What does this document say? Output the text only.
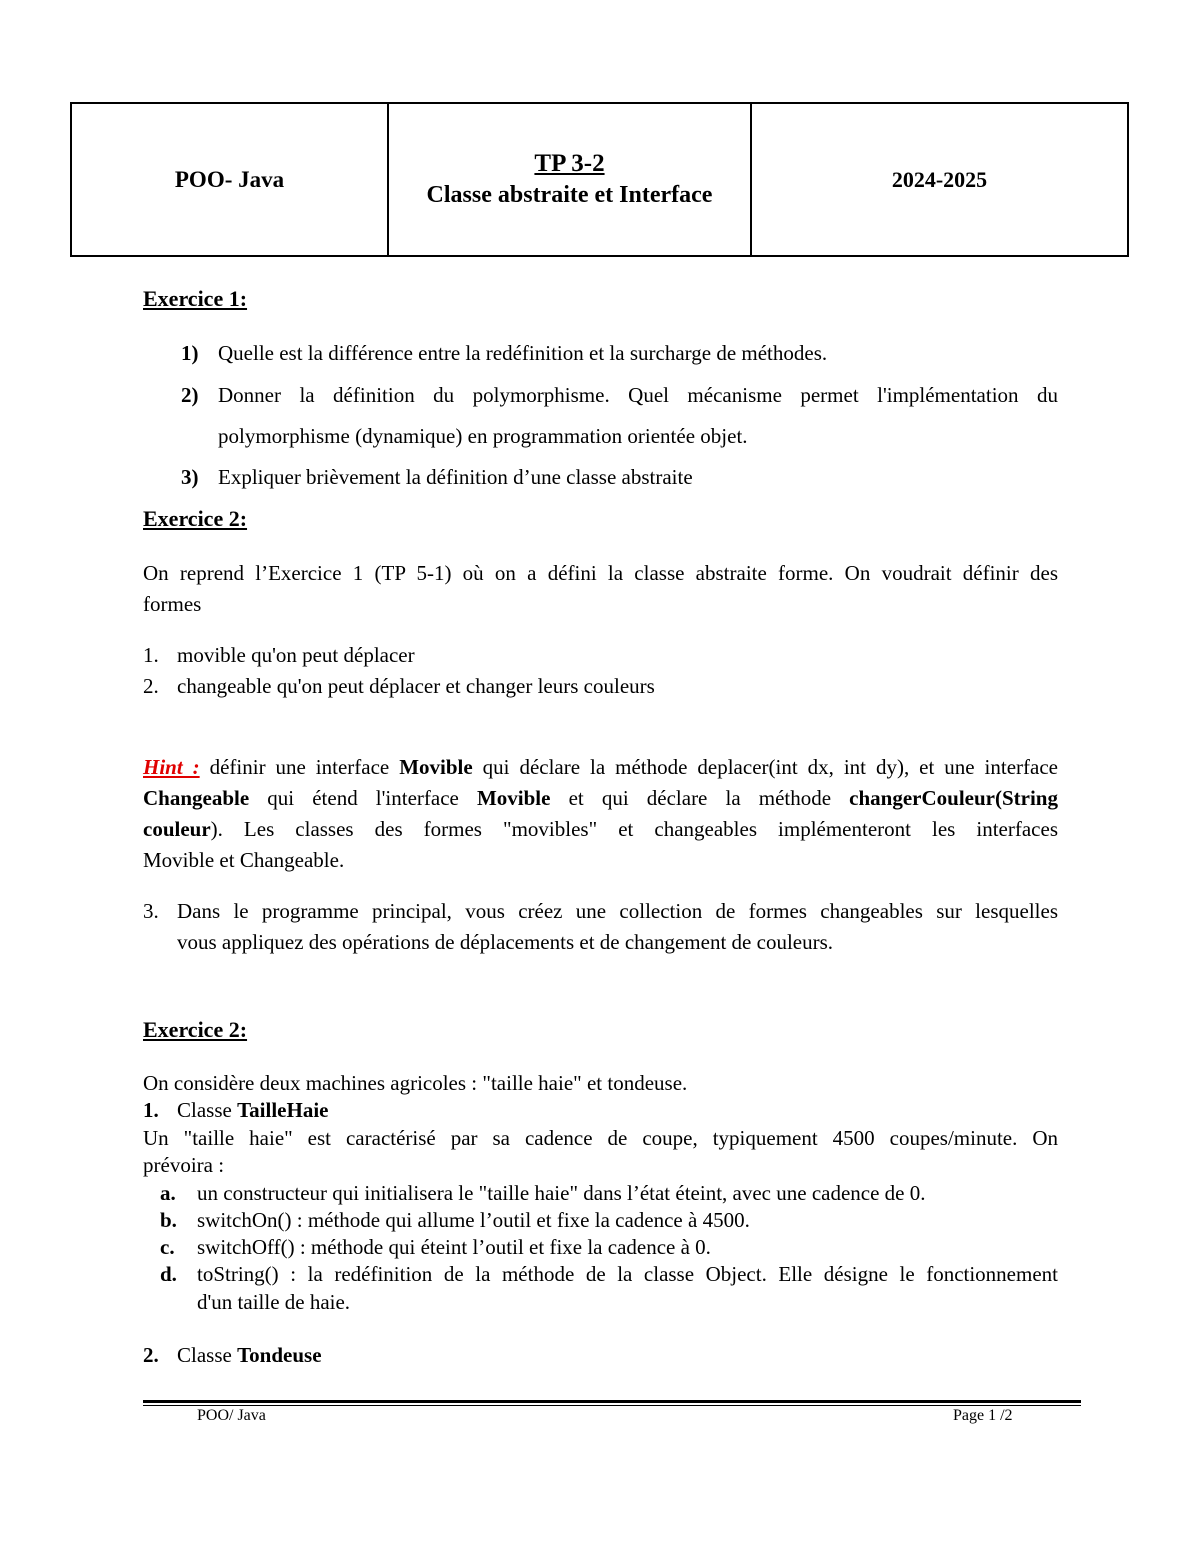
POO- Java
TP 3-2
Classe abstraite et Interface
2024-2025
Exercice 1:
1) Quelle est la différence entre la redéfinition et la surcharge de méthodes.
2) Donner la définition du polymorphisme. Quel mécanisme permet l'implémentation du
polymorphisme (dynamique) en programmation orientée objet.
3) Expliquer brièvement la définition d’une classe abstraite
Exercice 2:
On reprend l’Exercice 1 (TP 5-1) où on a défini la classe abstraite forme. On voudrait définir des
formes
1. movible qu'on peut déplacer
2. changeable qu'on peut déplacer et changer leurs couleurs
Hint : définir une interface Movible qui déclare la méthode deplacer(int dx, int dy), et une interface
Changeable qui étend l'interface Movible et qui déclare la méthode changerCouleur(String
couleur). Les classes des formes "movibles" et changeables implémenteront les interfaces
Movible et Changeable.
3. Dans le programme principal, vous créez une collection de formes changeables sur lesquelles
vous appliquez des opérations de déplacements et de changement de couleurs.
Exercice 2:
On considère deux machines agricoles : "taille haie" et tondeuse.
1. Classe TailleHaie
Un "taille haie" est caractérisé par sa cadence de coupe, typiquement 4500 coupes/minute. On
prévoira :
a. un constructeur qui initialisera le "taille haie" dans l’état éteint, avec une cadence de 0.
b. switchOn() : méthode qui allume l’outil et fixe la cadence à 4500.
c. switchOff() : méthode qui éteint l’outil et fixe la cadence à 0.
d. toString() : la redéfinition de la méthode de la classe Object. Elle désigne le fonctionnement
d'un taille de haie.
2. Classe Tondeuse
POO/ Java	Page 1 /2
